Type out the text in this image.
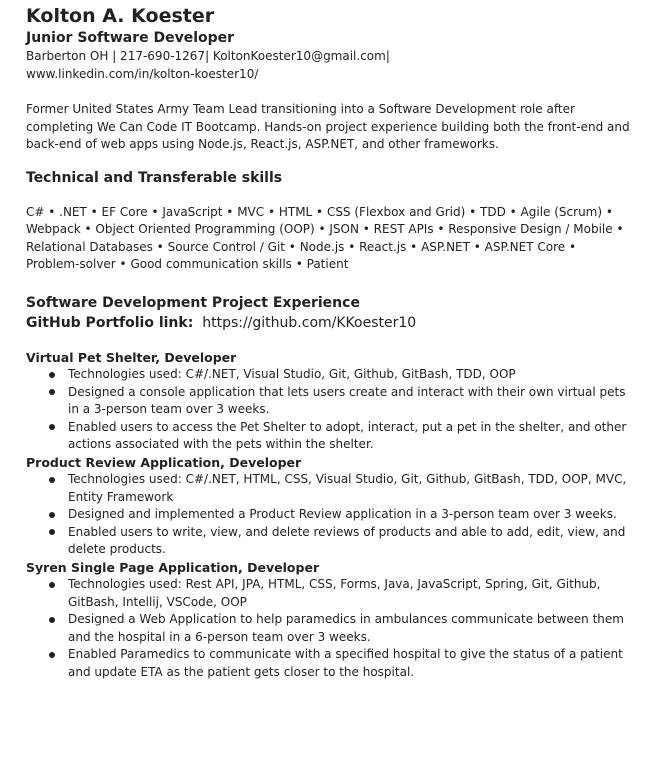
Kolton A. Koester

Junior Software Developer

Barberton OH | 217-690-1267| KoltonKoester10@gmail.com|

www.linkedin.com/in/kolton-koester10/

Former United States Army Team Lead transitioning into a Software Development role after completing We Can Code IT Bootcamp. Hands-on project experience building both the front-end and back-end of web apps using Node.js, React.js, ASP.NET, and other frameworks.

Technical and Transferable skills

C# • .NET • EF Core • JavaScript • MVC • HTML • CSS (Flexbox and Grid) • TDD • Agile (Scrum) • Webpack • Object Oriented Programming (OOP) • JSON • REST APIs • Responsive Design / Mobile • Relational Databases • Source Control / Git • Node.js • React.js • ASP.NET • ASP.NET Core • Problem-solver • Good communication skills • Patient

Software Development Project Experience

GitHub Portfolio link: https://github.com/KKoester10

Virtual Pet Shelter, Developer

Technologies used: C#/.NET, Visual Studio, Git, Github, GitBash, TDD, OOP
Designed a console application that lets users create and interact with their own virtual pets in a 3-person team over 3 weeks.
Enabled users to access the Pet Shelter to adopt, interact, put a pet in the shelter, and other actions associated with the pets within the shelter.

Product Review Application, Developer

Technologies used: C#/.NET, HTML, CSS, Visual Studio, Git, Github, GitBash, TDD, OOP, MVC, Entity Framework
Designed and implemented a Product Review application in a 3-person team over 3 weeks.
Enabled users to write, view, and delete reviews of products and able to add, edit, view, and delete products.

Syren Single Page Application, Developer

Technologies used: Rest API, JPA, HTML, CSS, Forms, Java, JavaScript, Spring, Git, Github, GitBash, Intellij, VSCode, OOP
Designed a Web Application to help paramedics in ambulances communicate between them and the hospital in a 6-person team over 3 weeks.
Enabled Paramedics to communicate with a specified hospital to give the status of a patient and update ETA as the patient gets closer to the hospital.
